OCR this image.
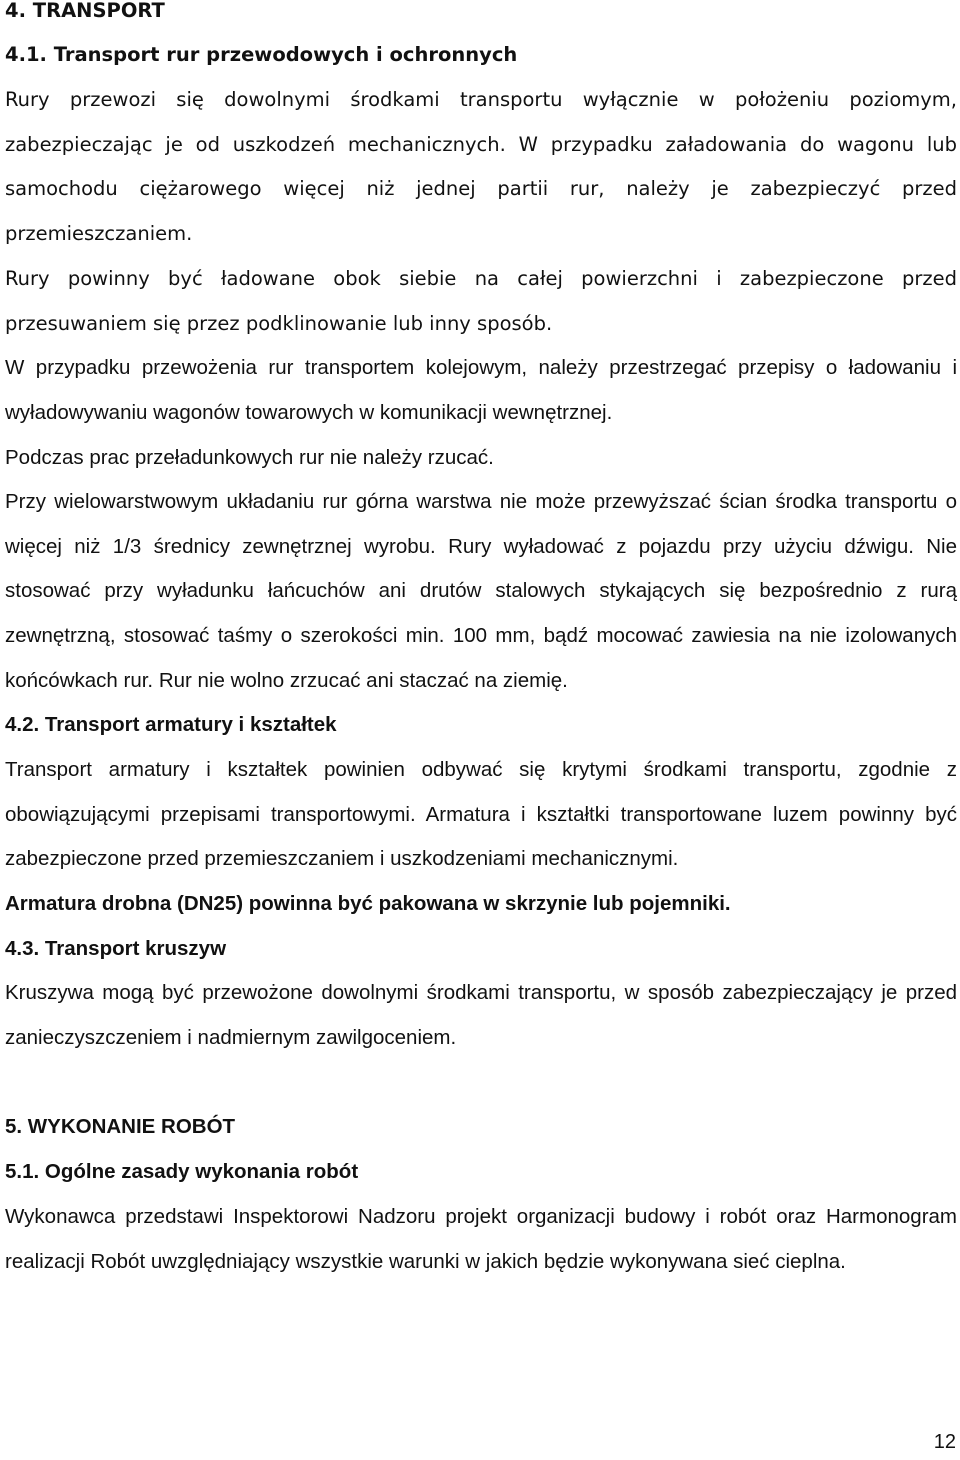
4. TRANSPORT
4.1. Transport rur przewodowych i ochronnych

Rury przewozi się dowolnymi środkami transportu wyłącznie w położeniu poziomym, zabezpieczając je od uszkodzeń mechanicznych. W przypadku załadowania do wagonu lub samochodu ciężarowego więcej niż jednej partii rur, należy je zabezpieczyć przed przemieszczaniem.

Rury powinny być ładowane obok siebie na całej powierzchni i zabezpieczone przed przesuwaniem się przez podklinowanie lub inny sposób.

W przypadku przewożenia rur transportem kolejowym, należy przestrzegać przepisy o ładowaniu i wyładowywaniu wagonów towarowych w komunikacji wewnętrznej.

Podczas prac przeładunkowych rur nie należy rzucać.

Przy wielowarstwowym układaniu rur górna warstwa nie może przewyższać ścian środka transportu o więcej niż 1/3 średnicy zewnętrznej wyrobu. Rury wyładować z pojazdu przy użyciu dźwigu. Nie stosować przy wyładunku łańcuchów ani drutów stalowych stykających się bezpośrednio z rurą zewnętrzną, stosować taśmy o szerokości min. 100 mm, bądź mocować zawiesia na nie izolowanych końcówkach rur. Rur nie wolno zrzucać ani staczać na ziemię.

4.2. Transport armatury i kształtek

Transport armatury i kształtek powinien odbywać się krytymi środkami transportu, zgodnie z obowiązującymi przepisami transportowymi. Armatura i kształtki transportowane luzem powinny być zabezpieczone przed przemieszczaniem i uszkodzeniami mechanicznymi.

Armatura drobna (DN25) powinna być pakowana w skrzynie lub pojemniki.

4.3. Transport kruszyw

Kruszywa mogą być przewożone dowolnymi środkami transportu, w sposób zabezpieczający je przed zanieczyszczeniem i nadmiernym zawilgoceniem.

5. WYKONANIE ROBÓT
5.1. Ogólne zasady wykonania robót

Wykonawca przedstawi Inspektorowi Nadzoru projekt organizacji budowy i robót oraz Harmonogram realizacji Robót uwzględniający wszystkie warunki w jakich będzie wykonywana sieć cieplna.

12
